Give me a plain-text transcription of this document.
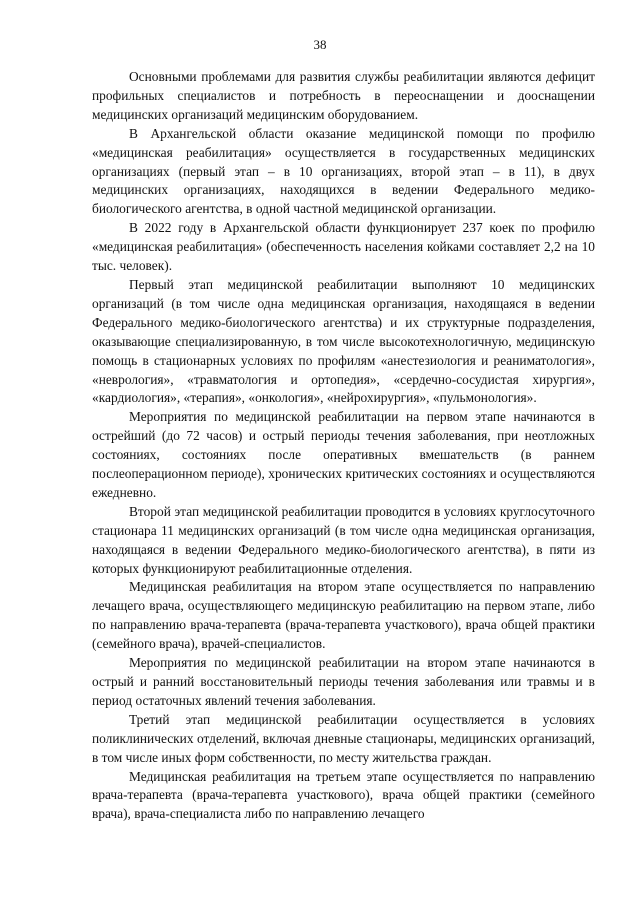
38

Основными проблемами для развития службы реабилитации являются дефицит профильных специалистов и потребность в переоснащении и дооснащении медицинских организаций медицинским оборудованием.

В Архангельской области оказание медицинской помощи по профилю «медицинская реабилитация» осуществляется в государственных медицинских организациях (первый этап – в 10 организациях, второй этап – в 11), в двух медицинских организациях, находящихся в ведении Федерального медико-биологического агентства, в одной частной медицинской организации.

В 2022 году в Архангельской области функционирует 237 коек по профилю «медицинская реабилитация» (обеспеченность населения койками составляет 2,2 на 10 тыс. человек).

Первый этап медицинской реабилитации выполняют 10 медицинских организаций (в том числе одна медицинская организация, находящаяся в ведении Федерального медико-биологического агентства) и их структурные подразделения, оказывающие специализированную, в том числе высокотехнологичную, медицинскую помощь в стационарных условиях по профилям «анестезиология и реаниматология», «неврология», «травматология и ортопедия», «сердечно-сосудистая хирургия», «кардиология», «терапия», «онкология», «нейрохирургия», «пульмонология».

Мероприятия по медицинской реабилитации на первом этапе начинаются в острейший (до 72 часов) и острый периоды течения заболевания, при неотложных состояниях, состояниях после оперативных вмешательств (в раннем послеоперационном периоде), хронических критических состояниях и осуществляются ежедневно.

Второй этап медицинской реабилитации проводится в условиях круглосуточного стационара 11 медицинских организаций (в том числе одна медицинская организация, находящаяся в ведении Федерального медико-биологического агентства), в пяти из которых функционируют реабилитационные отделения.

Медицинская реабилитация на втором этапе осуществляется по направлению лечащего врача, осуществляющего медицинскую реабилитацию на первом этапе, либо по направлению врача-терапевта (врача-терапевта участкового), врача общей практики (семейного врача), врачей-специалистов.

Мероприятия по медицинской реабилитации на втором этапе начинаются в острый и ранний восстановительный периоды течения заболевания или травмы и в период остаточных явлений течения заболевания.

Третий этап медицинской реабилитации осуществляется в условиях поликлинических отделений, включая дневные стационары, медицинских организаций, в том числе иных форм собственности, по месту жительства граждан.

Медицинская реабилитация на третьем этапе осуществляется по направлению врача-терапевта (врача-терапевта участкового), врача общей практики (семейного врача), врача-специалиста либо по направлению лечащего
